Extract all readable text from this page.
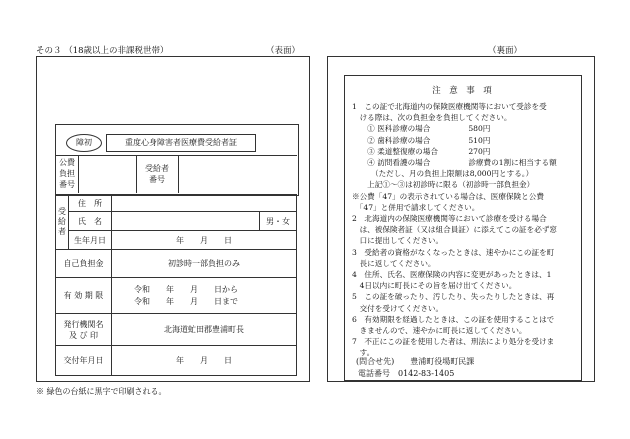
その３ （18歳以上の非課税世帯）	（表面）	（裏面）
障初	重度心身障害者医療費受給者証
公費
負担
番号
受給者
番号
受
給
者	住　所		
	氏　名		男・女
	生年月日	年　　月　　日	
自己負担金		初診時一部負担のみ	
有 効 期 限		令和　　年　　月　　日から
令和　　年　　月　　日まで	

発行機関名
及 び 印		北海道虻田郡豊浦町長	
交付年月日		年　　月　　日	
※ 緑色の台紙に黒字で印刷される。
注　意　事　項
1　この証で北海道内の保険医療機関等において受診を受
　ける際は、次の負担金を負担してください。
　　① 医科診療の場合　　　　　580円
　　② 歯科診療の場合　　　　　510円
　　③ 柔道整復療の場合　　　　270円
　　④ 訪問看護の場合　　　　　診療費の1割に相当する額
　　　（ただし、月の負担上限額は8,000円とする。）
　　上記①～③は初診時に限る（初診時一部負担金）
※公費「47」の表示されている場合は、医療保険と公費
　「47」と併用で請求してください。
2　北海道内の保険医療機関等において診療を受ける場合
　は、被保険者証（又は組合員証）に添えてこの証を必ず窓
　口に提出してください。
3　受給者の資格がなくなったときは、速やかにこの証を町
　長に返してください。
4　住所、氏名、医療保険の内容に変更があったときは、1
　4日以内に町長にその旨を届け出てください。
5　この証を破ったり、汚したり、失ったりしたときは、再
　交付を受けてください。
6　有効期限を経過したときは、この証を使用することはで
　きませんので、速やかに町長に返してください。
7　不正にこの証を使用した者は、刑法により処分を受けま
　す。
(問合せ先)　　豊浦町役場町民課
電話番号　0142-83-1405
